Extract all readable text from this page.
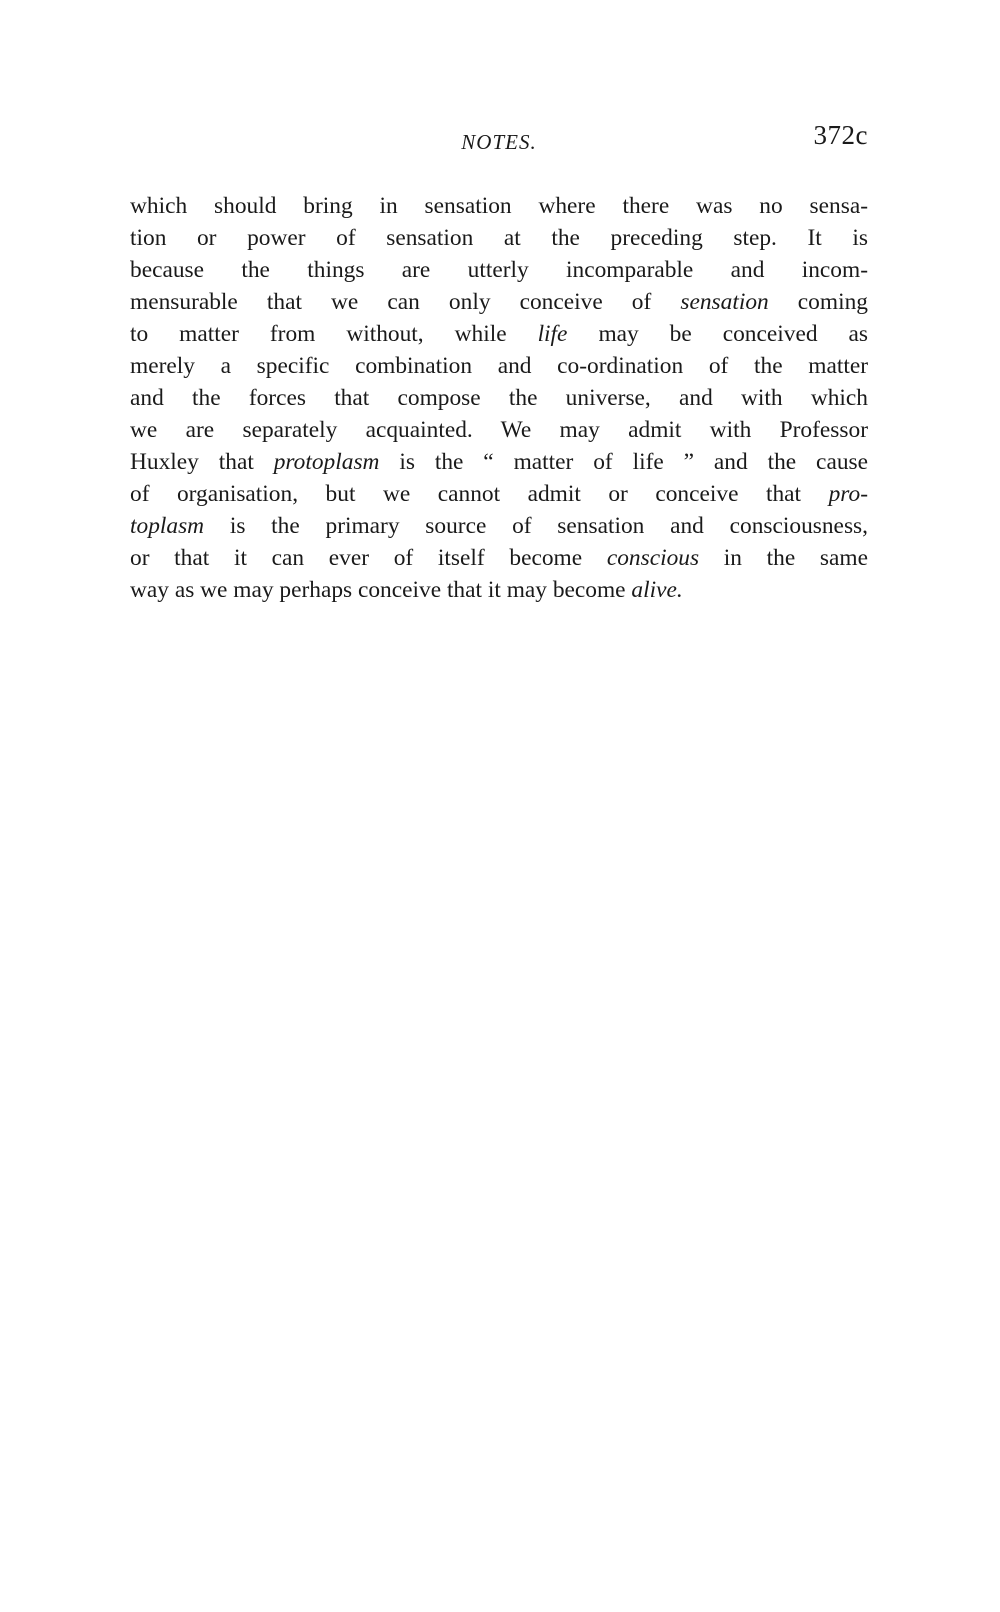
NOTES.	372c
which should bring in sensation where there was no sensa-
tion or power of sensation at the preceding step. It is
because the things are utterly incomparable and incom-
mensurable that we can only conceive of sensation coming
to matter from without, while life may be conceived as
merely a specific combination and co-ordination of the matter
and the forces that compose the universe, and with which
we are separately acquainted. We may admit with Professor
Huxley that protoplasm is the “ matter of life ” and the cause
of organisation, but we cannot admit or conceive that pro-
toplasm is the primary source of sensation and consciousness,
or that it can ever of itself become conscious in the same
way as we may perhaps conceive that it may become alive.
